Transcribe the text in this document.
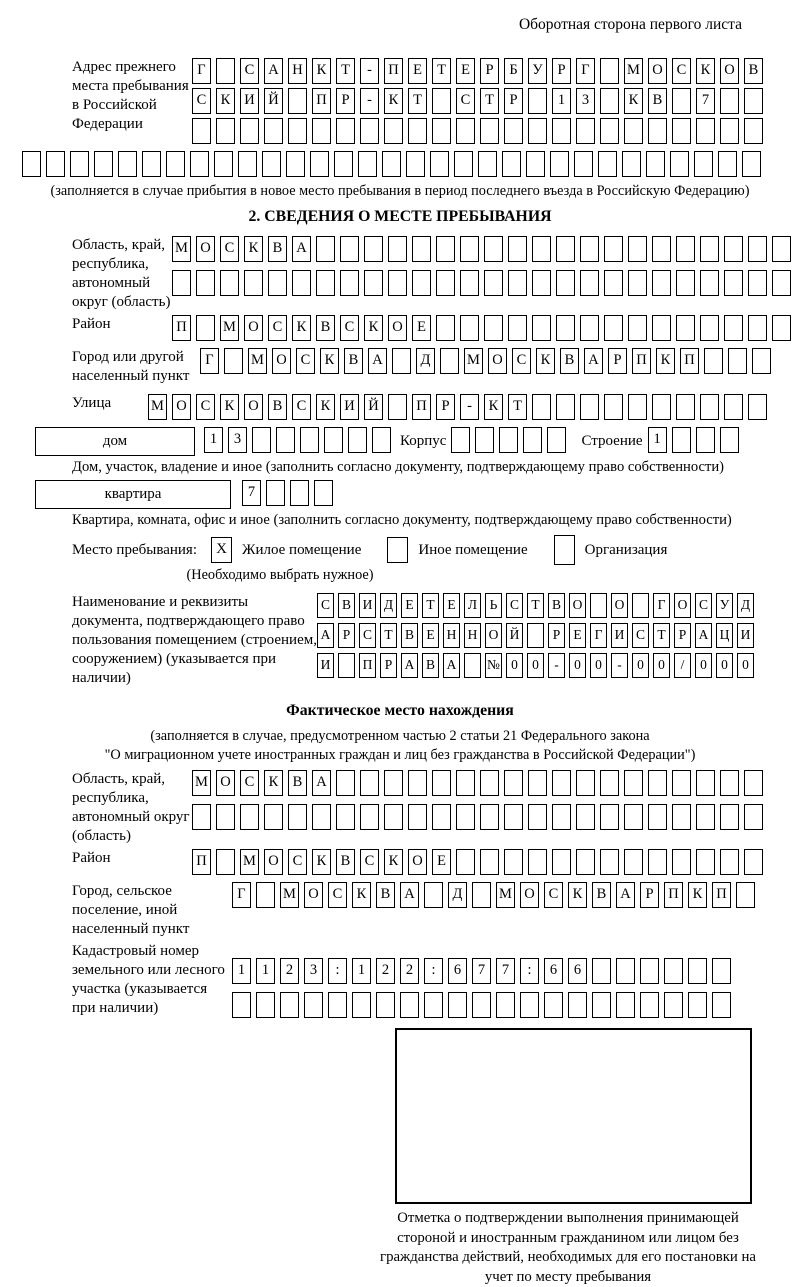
Оборотная сторона первого листа
Адрес прежнего места пребывания в Российской Федерации
Г	С А Н К Т - П Е Т Е Р Б У Р Г	М О С К О В
С К И Й	П Р - К Т	С Т Р	1 3	К В	7
(заполняется в случае прибытия в новое место пребывания в период последнего въезда в Российскую Федерацию)
2. СВЕДЕНИЯ О МЕСТЕ ПРЕБЫВАНИЯ
Область, край, республика, автономный округ (область)
М О С К В А
Район	П	М О С К В С К О Е
Город или другой населенный пункт
Г	М О С К В А	Д	М О С К В А Р П К П
Улица	М О С К О В С К И Й	П Р - К Т
дом	1 3	Корпус	Строение 1
Дом, участок, владение и иное (заполнить согласно документу, подтверждающему право собственности)
квартира	7
Квартира, комната, офис и иное (заполнить согласно документу, подтверждающему право собственности)
Место пребывания:	X	Жилое помещение	Иное помещение	Организация
(Необходимо выбрать нужное)
Наименование и реквизиты документа, подтверждающего право пользования помещением (строением, сооружением) (указывается при наличии)
С В И Д Е Т Е Л Ь С Т В О О Г О С У Д
А Р С Т В Е Н Н О Й Р Е Г И С Т Р А Ц И
И П Р А В А № 0 0 - 0 0 - 0 0 / 0 0 0
Фактическое место нахождения
(заполняется в случае, предусмотренном частью 2 статьи 21 Федерального закона
"О миграционном учете иностранных граждан и лиц без гражданства в Российской Федерации")
Область, край, республика, автономный округ (область)
М О С К В А
Район	П	М О С К В С К О Е
Город, сельское поселение, иной населенный пункт
Г	М О С К В А	Д	М О С К В А Р П К П
Кадастровый номер земельного или лесного участка (указывается при наличии)
1 1 2 3 : 1 2 2 : 6 7 7 : 6 6
Отметка о подтверждении выполнения принимающей стороной и иностранным гражданином или лицом без гражданства действий, необходимых для его постановки на учет по месту пребывания
